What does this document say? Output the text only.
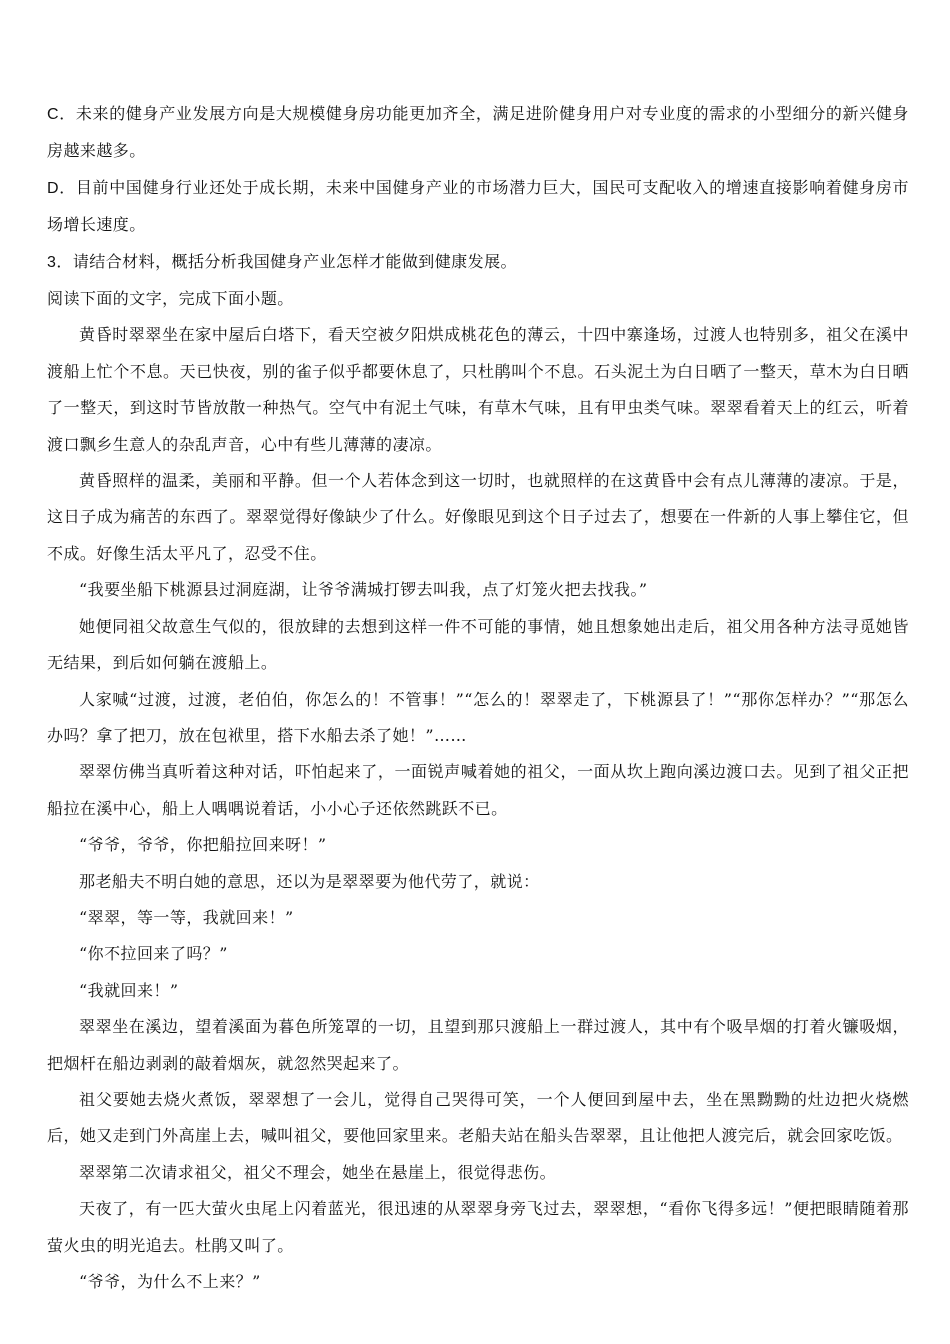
C．未来的健身产业发展方向是大规模健身房功能更加齐全，满足进阶健身用户对专业度的需求的小型细分的新兴健身房越来越多。

D．目前中国健身行业还处于成长期，未来中国健身产业的市场潜力巨大，国民可支配收入的增速直接影响着健身房市场增长速度。

3．请结合材料，概括分析我国健身产业怎样才能做到健康发展。

阅读下面的文字，完成下面小题。

黄昏时翠翠坐在家中屋后白塔下，看天空被夕阳烘成桃花色的薄云，十四中寨逢场，过渡人也特别多，祖父在溪中渡船上忙个不息。天已快夜，别的雀子似乎都要休息了，只杜鹃叫个不息。石头泥土为白日晒了一整天，草木为白日晒了一整天，到这时节皆放散一种热气。空气中有泥土气味，有草木气味，且有甲虫类气味。翠翠看着天上的红云，听着渡口飘乡生意人的杂乱声音，心中有些儿薄薄的凄凉。

黄昏照样的温柔，美丽和平静。但一个人若体念到这一切时，也就照样的在这黄昏中会有点儿薄薄的凄凉。于是，这日子成为痛苦的东西了。翠翠觉得好像缺少了什么。好像眼见到这个日子过去了，想要在一件新的人事上攀住它，但不成。好像生活太平凡了，忍受不住。

“我要坐船下桃源县过洞庭湖，让爷爷满城打锣去叫我，点了灯笼火把去找我。”

她便同祖父故意生气似的，很放肆的去想到这样一件不可能的事情，她且想象她出走后，祖父用各种方法寻觅她皆无结果，到后如何躺在渡船上。

人家喊“过渡，过渡，老伯伯，你怎么的！不管事！”“怎么的！翠翠走了，下桃源县了！”“那你怎样办？”“那怎么办吗？拿了把刀，放在包袱里，搭下水船去杀了她！”……

翠翠仿佛当真听着这种对话，吓怕起来了，一面锐声喊着她的祖父，一面从坎上跑向溪边渡口去。见到了祖父正把船拉在溪中心，船上人喁喁说着话，小小心子还依然跳跃不已。

“爷爷，爷爷，你把船拉回来呀！”

那老船夫不明白她的意思，还以为是翠翠要为他代劳了，就说：

“翠翠，等一等，我就回来！”

“你不拉回来了吗？”

“我就回来！”

翠翠坐在溪边，望着溪面为暮色所笼罩的一切，且望到那只渡船上一群过渡人，其中有个吸旱烟的打着火镰吸烟，把烟杆在船边剥剥的敲着烟灰，就忽然哭起来了。

祖父要她去烧火煮饭，翠翠想了一会儿，觉得自己哭得可笑，一个人便回到屋中去，坐在黑黝黝的灶边把火烧燃后，她又走到门外高崖上去，喊叫祖父，要他回家里来。老船夫站在船头告翠翠，且让他把人渡完后，就会回家吃饭。

翠翠第二次请求祖父，祖父不理会，她坐在悬崖上，很觉得悲伤。

天夜了，有一匹大萤火虫尾上闪着蓝光，很迅速的从翠翠身旁飞过去，翠翠想，“看你飞得多远！”便把眼睛随着那萤火虫的明光追去。杜鹃又叫了。

“爷爷，为什么不上来？”
